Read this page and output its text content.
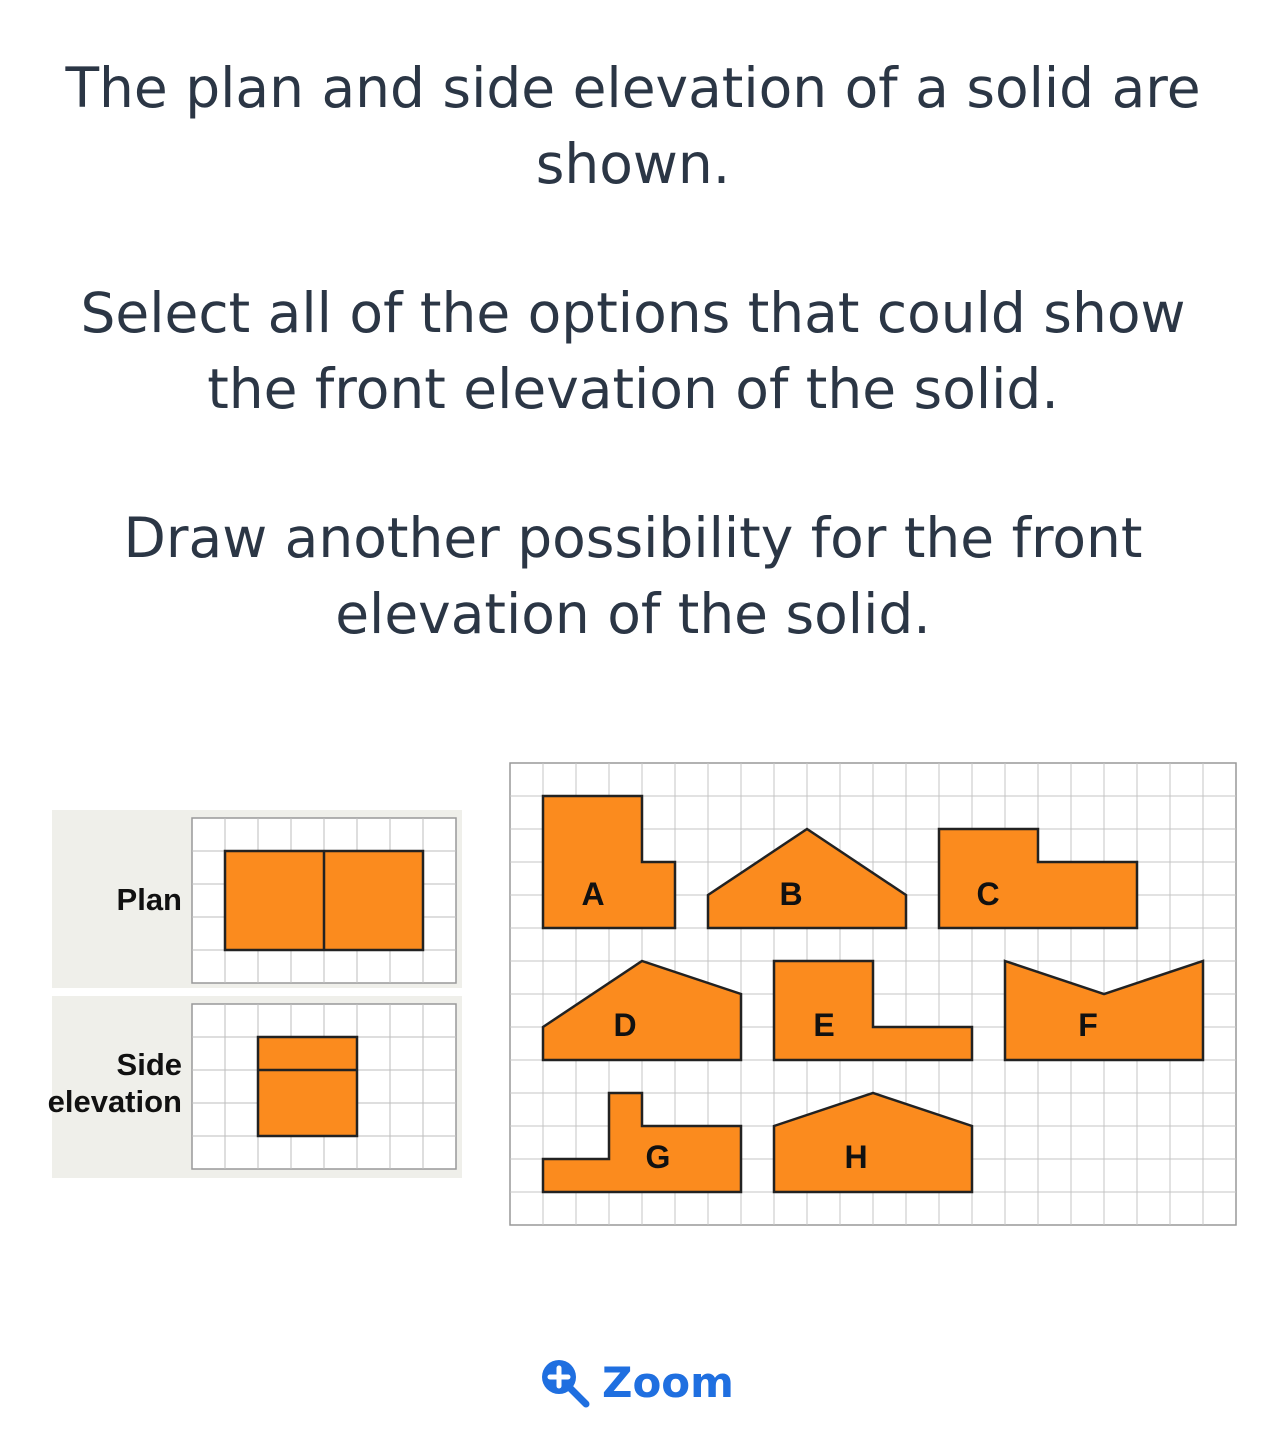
The plan and side elevation of a solid are shown.

Select all of the options that could show the front elevation of the solid.

Draw another possibility for the front elevation of the solid.

Plan
Side
elevation
A	B	C
D	E	F
G	H
Zoom
